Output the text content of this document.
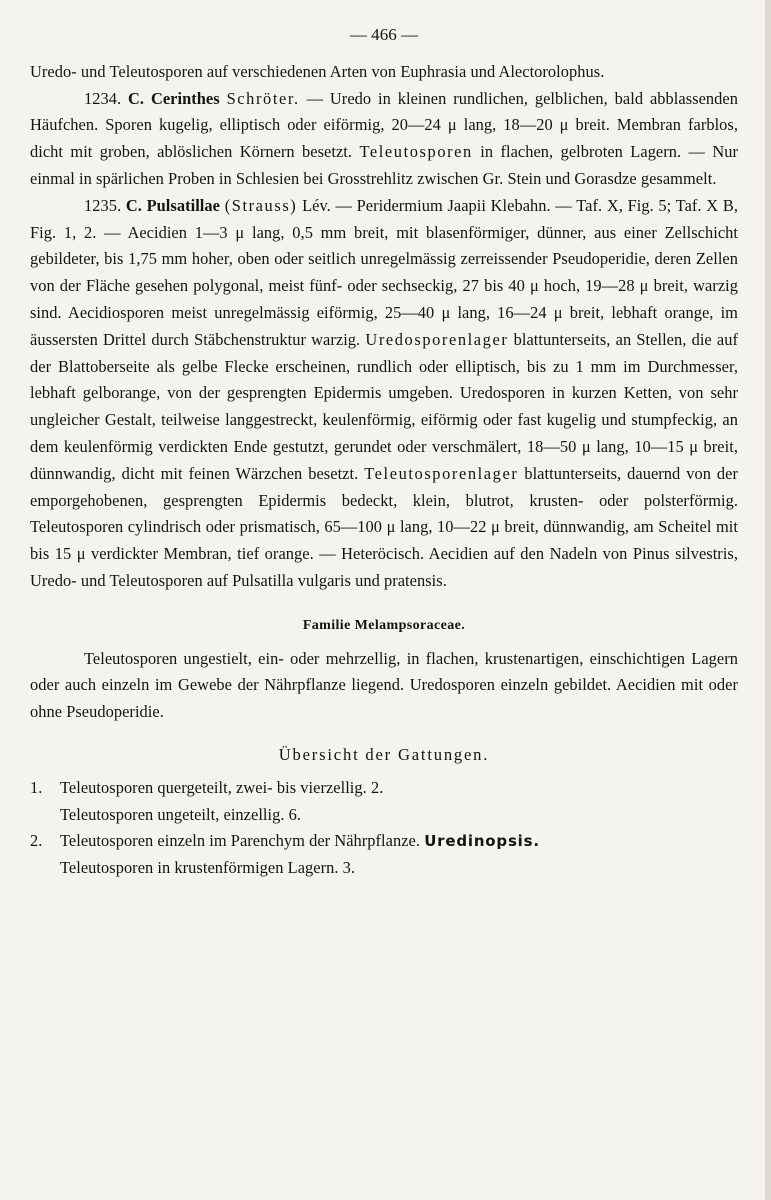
— 466 —

Uredo- und Teleutosporen auf verschiedenen Arten von Euphrasia und Alectorolophus.

1234. C. Cerinthes Schröter. — Uredo in kleinen rundlichen, gelblichen, bald abblassenden Häufchen. Sporen kugelig, elliptisch oder eiförmig, 20—24 μ lang, 18—20 μ breit. Membran farblos, dicht mit groben, ablöslichen Körnern besetzt. Teleutosporen in flachen, gelbroten Lagern. — Nur einmal in spärlichen Proben in Schlesien bei Grosstrehlitz zwischen Gr. Stein und Gorasdze gesammelt.

1235. C. Pulsatillae (Strauss) Lév. — Peridermium Jaapii Klebahn. — Taf. X, Fig. 5; Taf. X B, Fig. 1, 2. — Aecidien 1—3 μ lang, 0,5 mm breit, mit blasenförmiger, dünner, aus einer Zellschicht gebildeter, bis 1,75 mm hoher, oben oder seitlich unregelmässig zerreissender Pseudoperidie, deren Zellen von der Fläche gesehen polygonal, meist fünf- oder sechseckig, 27 bis 40 μ hoch, 19—28 μ breit, warzig sind. Aecidiosporen meist unregelmässig eiförmig, 25—40 μ lang, 16—24 μ breit, lebhaft orange, im äussersten Drittel durch Stäbchenstruktur warzig. Uredosporenlager blattunterseits, an Stellen, die auf der Blattoberseite als gelbe Flecke erscheinen, rundlich oder elliptisch, bis zu 1 mm im Durchmesser, lebhaft gelborange, von der gesprengten Epidermis umgeben. Uredosporen in kurzen Ketten, von sehr ungleicher Gestalt, teilweise langgestreckt, keulenförmig, eiförmig oder fast kugelig und stumpfeckig, an dem keulenförmig verdickten Ende gestutzt, gerundet oder verschmälert, 18—50 μ lang, 10—15 μ breit, dünnwandig, dicht mit feinen Wärzchen besetzt. Teleutosporenlager blattunterseits, dauernd von der emporgehobenen, gesprengten Epidermis bedeckt, klein, blutrot, krusten- oder polsterförmig. Teleutosporen cylindrisch oder prismatisch, 65—100 μ lang, 10—22 μ breit, dünnwandig, am Scheitel mit bis 15 μ verdickter Membran, tief orange. — Heteröcisch. Aecidien auf den Nadeln von Pinus silvestris, Uredo- und Teleutosporen auf Pulsatilla vulgaris und pratensis.

Familie Melampsoraceae.

Teleutosporen ungestielt, ein- oder mehrzellig, in flachen, krustenartigen, einschichtigen Lagern oder auch einzeln im Gewebe der Nährpflanze liegend. Uredosporen einzeln gebildet. Aecidien mit oder ohne Pseudoperidie.

Übersicht der Gattungen.
1.	Teleutosporen quergeteilt, zwei- bis vierzellig. 2.
Teleutosporen ungeteilt, einzellig. 6.
2.	Teleutosporen einzeln im Parenchym der Nährpflanze. Uredinopsis.
Teleutosporen in krustenförmigen Lagern. 3.
